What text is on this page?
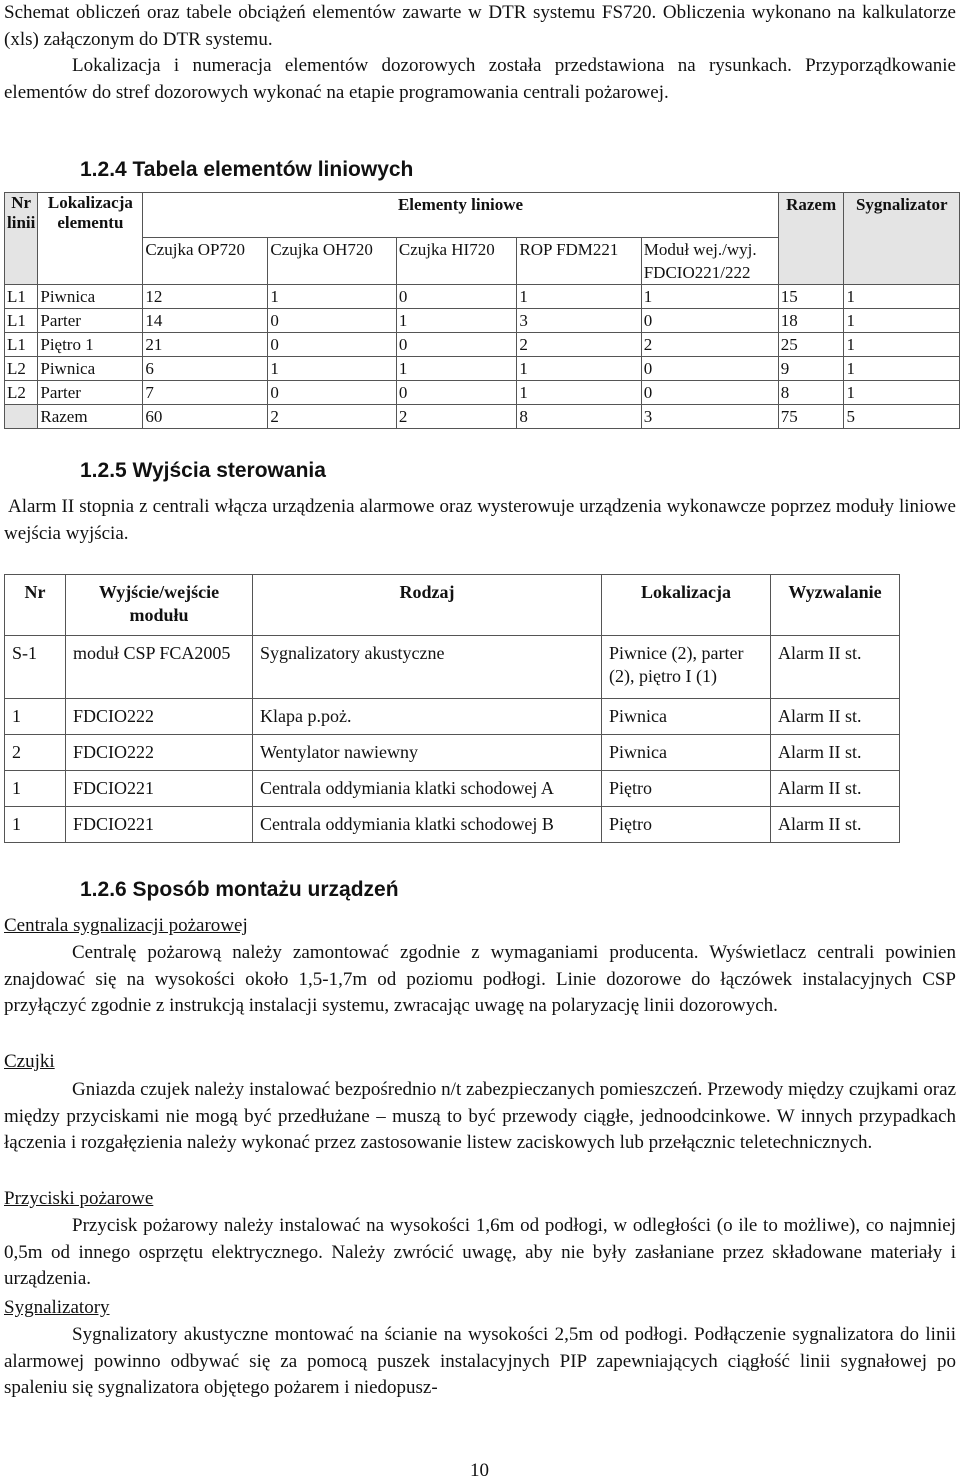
Schemat obliczeń oraz tabele obciążeń elementów zawarte w DTR systemu FS720. Obliczenia wykonano na kalkulatorze (xls) załączonym do DTR systemu.

Lokalizacja i numeracja elementów dozorowych została przedstawiona na rysunkach. Przyporządkowanie elementów do stref dozorowych wykonać na etapie programowania centrali pożarowej.

1.2.4 Tabela elementów liniowych
Nr linii	Lokalizacja elementu	Elementy liniowe					Razem	Sygnalizator
		Czujka OP720	Czujka OH720	Czujka HI720	ROP FDM221	Moduł wej./wyj. FDCIO221/222		
L1	Piwnica	12	1	0	1	1	15	1
L1	Parter	14	0	1	3	0	18	1
L1	Piętro 1	21	0	0	2	2	25	1
L2	Piwnica	6	1	1	1	0	9	1
L2	Parter	7	0	0	1	0	8	1
	Razem	60	2	2	8	3	75	5
1.2.5 Wyjścia sterowania

Alarm II stopnia z centrali włącza urządzenia alarmowe oraz wysterowuje urządzenia wykonawcze poprzez moduły liniowe wejścia wyjścia.

Nr	Wyjście/wejście modułu	Rodzaj	Lokalizacja	Wyzwalanie
S-1	moduł CSP FCA2005	Sygnalizatory akustyczne	Piwnice (2), parter (2), piętro I (1)	Alarm II st.
1	FDCIO222	Klapa p.poż.	Piwnica	Alarm II st.
2	FDCIO222	Wentylator nawiewny	Piwnica	Alarm II st.
1	FDCIO221	Centrala oddymiania klatki schodowej A	Piętro	Alarm II st.
1	FDCIO221	Centrala oddymiania klatki schodowej B	Piętro	Alarm II st.
1.2.6 Sposób montażu urządzeń

Centrala sygnalizacji pożarowej

Centralę pożarową należy zamontować zgodnie z wymaganiami producenta. Wyświetlacz centrali powinien znajdować się na wysokości około 1,5-1,7m od poziomu podłogi. Linie dozorowe do łączówek instalacyjnych CSP przyłączyć zgodnie z instrukcją instalacji systemu, zwracając uwagę na polaryzację linii dozorowych.

Czujki

Gniazda czujek należy instalować bezpośrednio n/t zabezpieczanych pomieszczeń. Przewody między czujkami oraz między przyciskami nie mogą być przedłużane – muszą to być przewody ciągłe, jednoodcinkowe. W innych przypadkach łączenia i rozgałęzienia należy wykonać przez zastosowanie listew zaciskowych lub przełącznic teletechnicznych.

Przyciski pożarowe

Przycisk pożarowy należy instalować na wysokości 1,6m od podłogi, w odległości (o ile to możliwe), co najmniej 0,5m od innego osprzętu elektrycznego. Należy zwrócić uwagę, aby nie były zasłaniane przez składowane materiały i urządzenia.

Sygnalizatory

Sygnalizatory akustyczne montować na ścianie na wysokości 2,5m od podłogi. Podłączenie sygnalizatora do linii alarmowej powinno odbywać się za pomocą puszek instalacyjnych PIP zapewniających ciągłość linii sygnałowej po spaleniu się sygnalizatora objętego pożarem i niedopusz-

10
